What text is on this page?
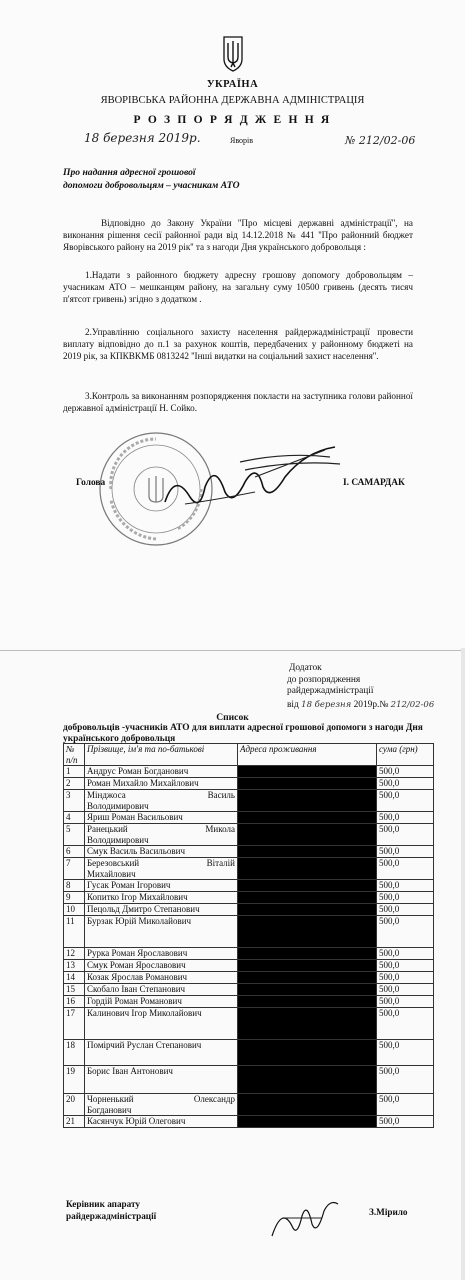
УКРАЇНА
ЯВОРІВСЬКА РАЙОННА ДЕРЖАВНА АДМІНІСТРАЦІЯ
Р О З П О Р Я Д Ж Е Н Н Я
18 березня 2019р.	Яворів	№ 212/02-06
Про надання адресної грошової
допомоги добровольцям – учасникам АТО
Відповідно до Закону України ''Про місцеві державні адміністрації'', на виконання рішення сесії районної ради від 14.12.2018 № 441 ''Про районний бюджет Яворівського району на 2019 рік'' та з нагоди Дня українського добровольця :
1.Надати з районного бюджету адресну грошову допомогу добровольцям – учасникам АТО – мешканцям району, на загальну суму 10500 гривень (десять тисяч п'ятсот гривень) згідно з додатком .
2.Управлінню соціального захисту населення райдержадміністрації провести виплату відповідно до п.1 за рахунок коштів, передбачених у районному бюджеті на 2019 рік, за КПКВКМБ 0813242 ''Інші видатки на соціальний захист населення''.
3.Контроль за виконанням розпорядження покласти на заступника голови районної державної адміністрації Н. Сойко.
Голова	І. САМАРДАК
Додаток
до розпорядження
райдержадміністрації
від 18 березня 2019р.№ 212/02-06
Список
добровольців -учасників АТО для виплати адресної грошової допомоги з нагоди Дня українського добровольця
№ п/п	Прізвище, ім'я та по-батькові	Адреса проживання	сума (грн)
1	Андрус Роман Богданович		500,0
2	Роман Михайло Михайлович		500,0
3	Мінджоса Василь
Володимирович		500,0
4	Яриш Роман Васильович		500,0
5	Ранецький Микола
Володимирович		500,0
6	Смук Василь Васильович		500,0
7	Березовський Віталій
Михайлович		500,0
8	Гусак Роман Ігорович		500,0
9	Копитко Ігор Михайлович		500,0
10	Пецольд Дмитро Степанович		500,0
11	Бурзак Юрій Миколайович		500,0
12	Рурка Роман Ярославович		500,0
13	Смук Роман Ярославович		500,0
14	Козак Ярослав Романович		500,0
15	Скобало Іван Степанович		500,0
16	Гордій Роман Романович		500,0
17	Калинович Ігор Миколайович		500,0
18	Помірчий Руслан Степанович		500,0
19	Борис Іван Антонович		500,0
20	Чорненький Олександр
Богданович		500,0
21	Касянчук Юрій Олегович		500,0
Керівник апарату
райдержадміністрації	З.Мірило
